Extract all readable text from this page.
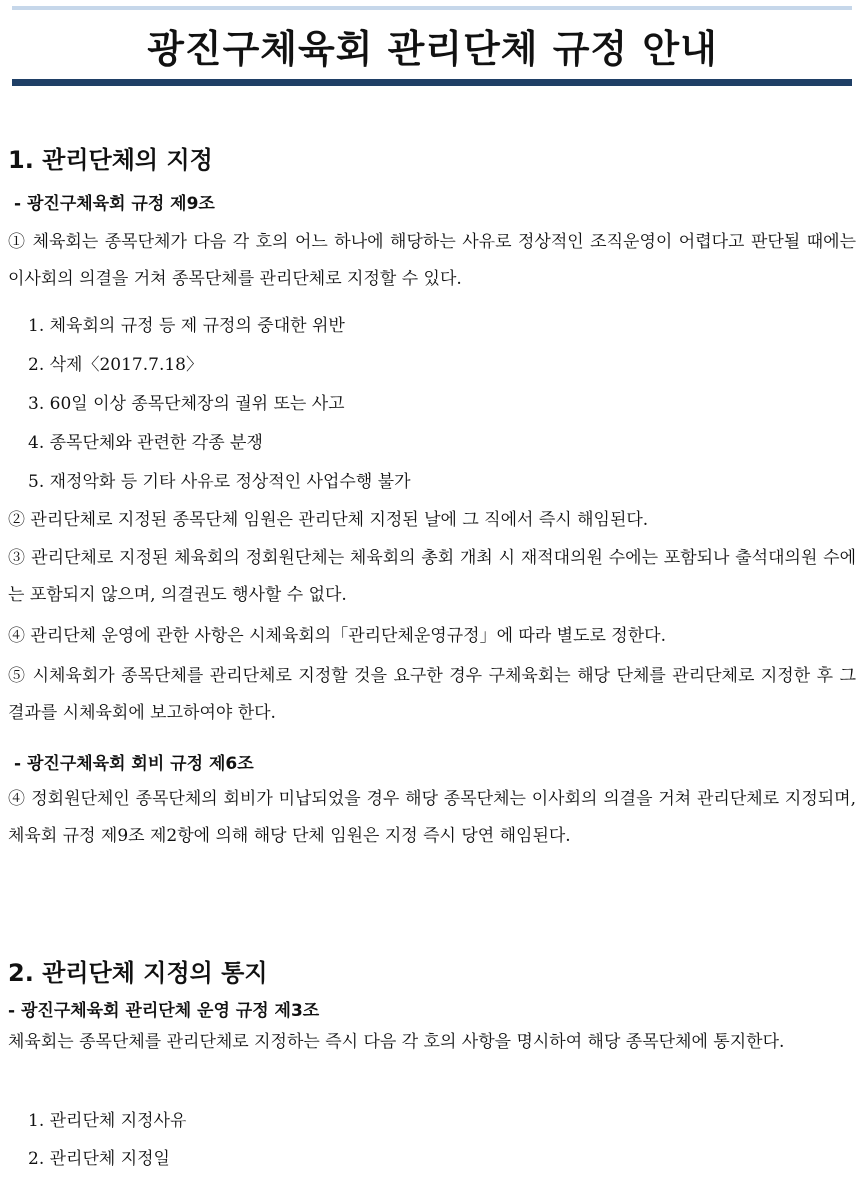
광진구체육회 관리단체 규정 안내
1. 관리단체의 지정
- 광진구체육회 규정 제9조

① 체육회는 종목단체가 다음 각 호의 어느 하나에 해당하는 사유로 정상적인 조직운영이 어렵다고 판단될 때에는 이사회의 의결을 거쳐 종목단체를 관리단체로 지정할 수 있다.

1. 체육회의 규정 등 제 규정의 중대한 위반
2. 삭제〈2017.7.18〉
3. 60일 이상 종목단체장의 궐위 또는 사고
4. 종목단체와 관련한 각종 분쟁
5. 재정악화 등 기타 사유로 정상적인 사업수행 불가

② 관리단체로 지정된 종목단체 임원은 관리단체 지정된 날에 그 직에서 즉시 해임된다.

③ 관리단체로 지정된 체육회의 정회원단체는 체육회의 총회 개최 시 재적대의원 수에는 포함되나 출석대의원 수에는 포함되지 않으며, 의결권도 행사할 수 없다.

④ 관리단체 운영에 관한 사항은 시체육회의「관리단체운영규정」에 따라 별도로 정한다.

⑤ 시체육회가 종목단체를 관리단체로 지정할 것을 요구한 경우 구체육회는 해당 단체를 관리단체로 지정한 후 그 결과를 시체육회에 보고하여야 한다.

- 광진구체육회 회비 규정 제6조

④ 정회원단체인 종목단체의 회비가 미납되었을 경우 해당 종목단체는 이사회의 의결을 거쳐 관리단체로 지정되며, 체육회 규정 제9조 제2항에 의해 해당 단체 임원은 지정 즉시 당연 해임된다.

2. 관리단체 지정의 통지
- 광진구체육회 관리단체 운영 규정 제3조

체육회는 종목단체를 관리단체로 지정하는 즉시 다음 각 호의 사항을 명시하여 해당 종목단체에 통지한다.

1. 관리단체 지정사유
2. 관리단체 지정일
